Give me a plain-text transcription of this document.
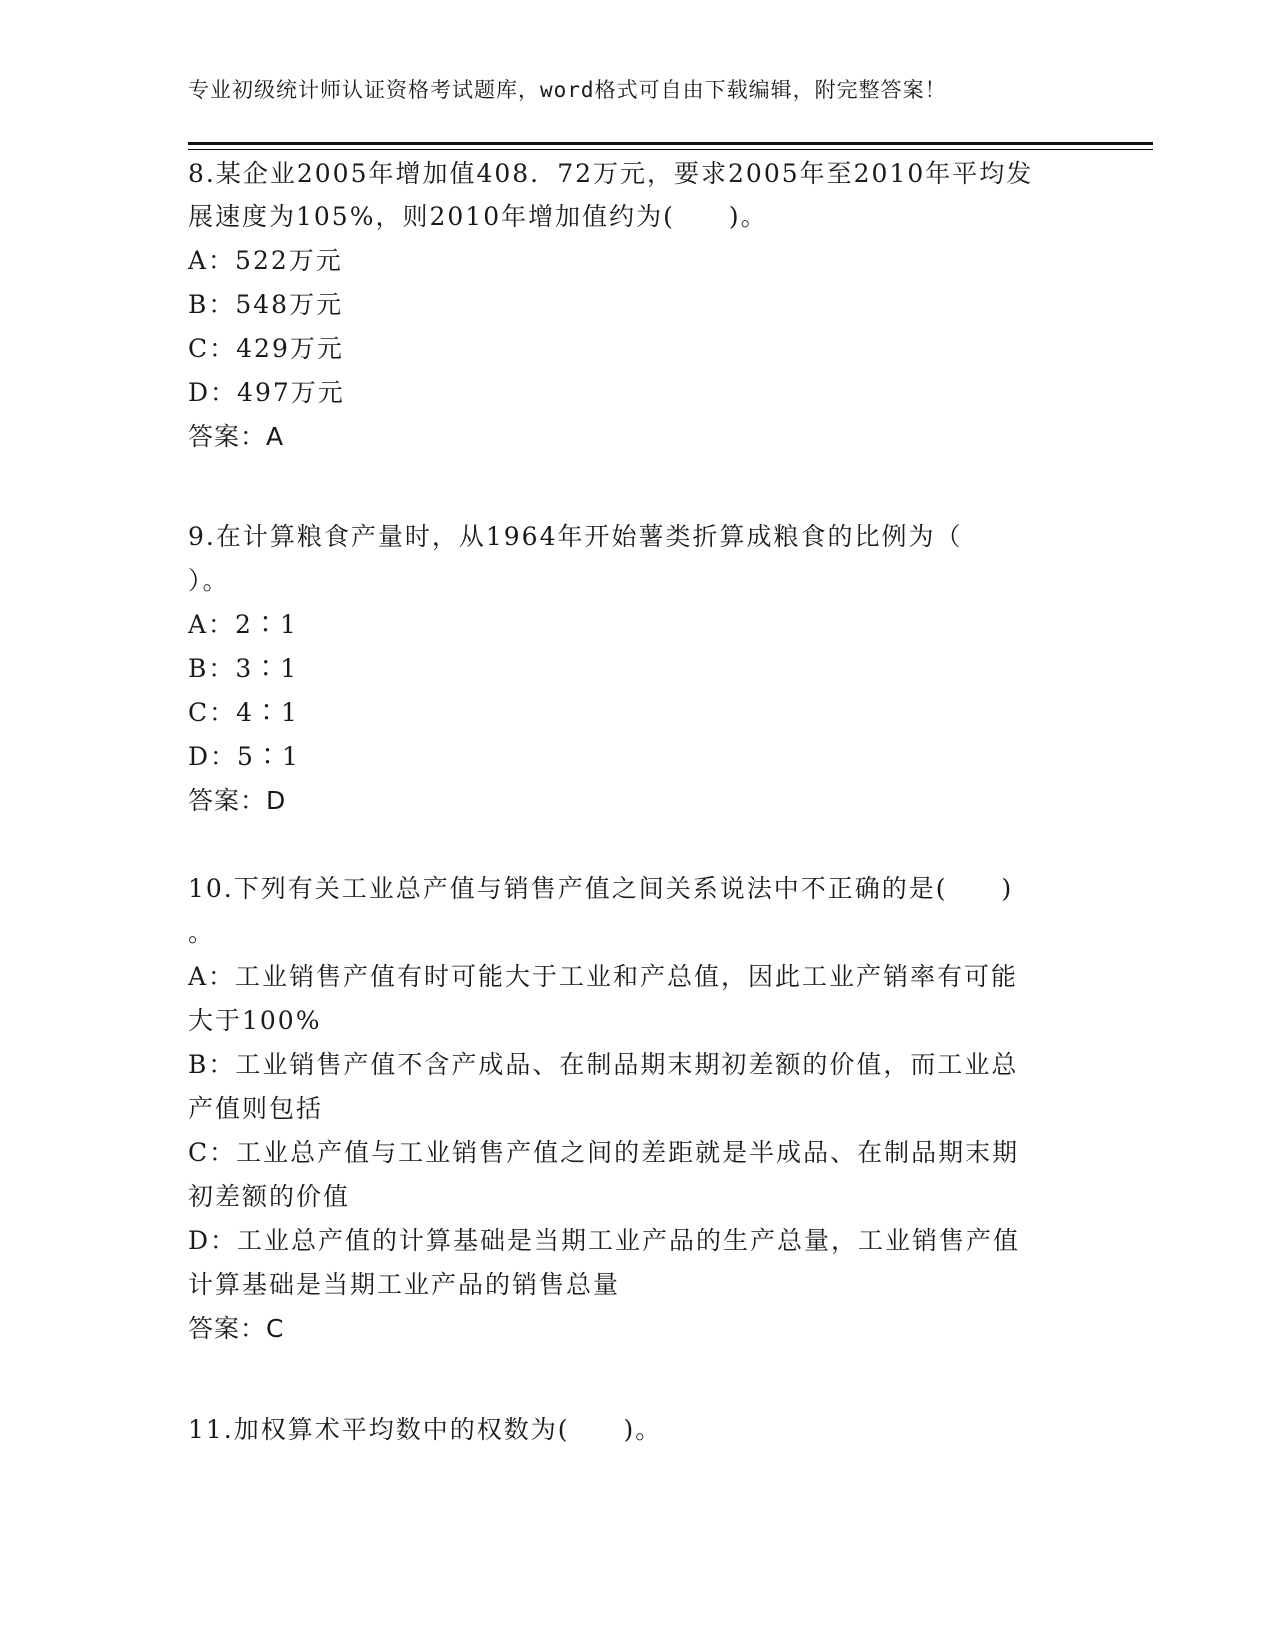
专业初级统计师认证资格考试题库，word格式可自由下载编辑，附完整答案！
8.某企业2005年增加值408．72万元，要求2005年至2010年平均发
展速度为105%，则2010年增加值约为(　　)。
A：522万元
B：548万元
C：429万元
D：497万元
答案：A
9.在计算粮食产量时，从1964年开始薯类折算成粮食的比例为（
）。
A：2∶1
B：3∶1
C：4∶1
D：5∶1
答案：D
10.下列有关工业总产值与销售产值之间关系说法中不正确的是(　　)
。
A：工业销售产值有时可能大于工业和产总值，因此工业产销率有可能
大于100%
B：工业销售产值不含产成品、在制品期末期初差额的价值，而工业总
产值则包括
C：工业总产值与工业销售产值之间的差距就是半成品、在制品期末期
初差额的价值
D：工业总产值的计算基础是当期工业产品的生产总量，工业销售产值
计算基础是当期工业产品的销售总量
答案：C
11.加权算术平均数中的权数为(　　)。
